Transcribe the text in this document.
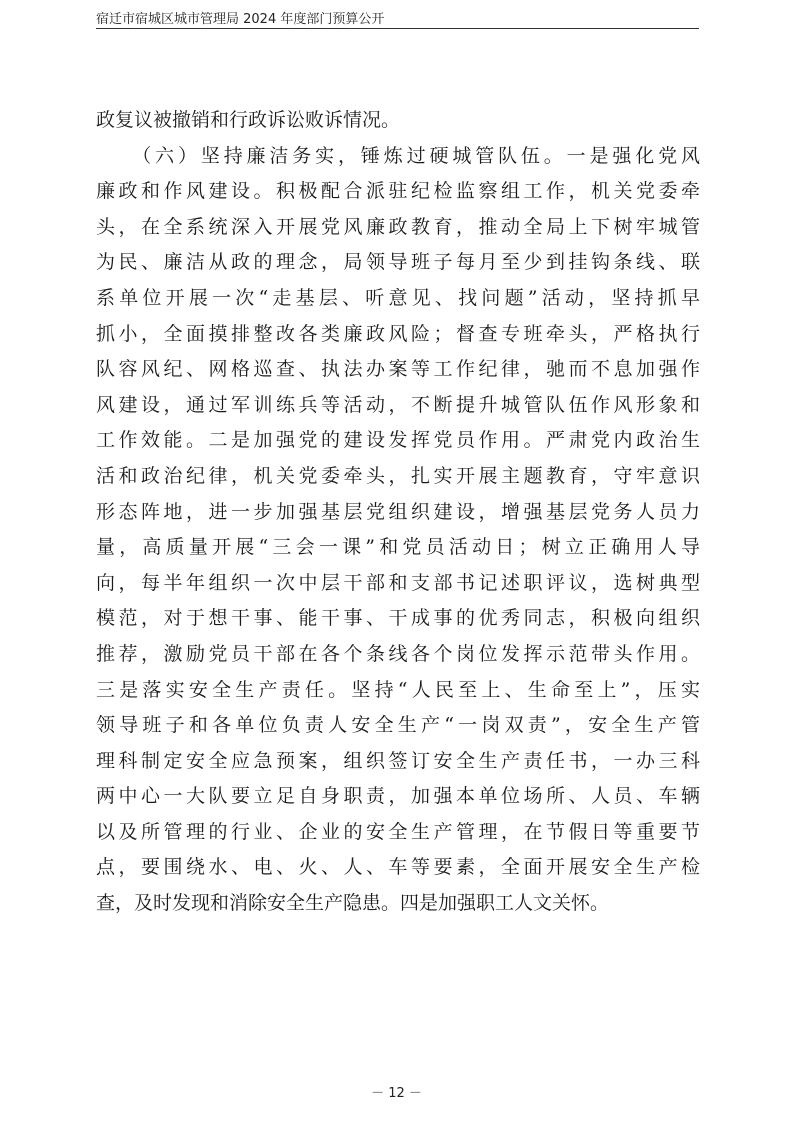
宿迁市宿城区城市管理局 2024 年度部门预算公开
政复议被撤销和行政诉讼败诉情况。
　　（六）坚持廉洁务实，锤炼过硬城管队伍。一是强化党风
廉政和作风建设。积极配合派驻纪检监察组工作，机关党委牵
头，在全系统深入开展党风廉政教育，推动全局上下树牢城管
为民、廉洁从政的理念，局领导班子每月至少到挂钩条线、联
系单位开展一次“走基层、听意见、找问题”活动，坚持抓早
抓小，全面摸排整改各类廉政风险；督查专班牵头，严格执行
队容风纪、网格巡查、执法办案等工作纪律，驰而不息加强作
风建设，通过军训练兵等活动，不断提升城管队伍作风形象和
工作效能。二是加强党的建设发挥党员作用。严肃党内政治生
活和政治纪律，机关党委牵头，扎实开展主题教育，守牢意识
形态阵地，进一步加强基层党组织建设，增强基层党务人员力
量，高质量开展“三会一课”和党员活动日；树立正确用人导
向，每半年组织一次中层干部和支部书记述职评议，选树典型
模范，对于想干事、能干事、干成事的优秀同志，积极向组织
推荐，激励党员干部在各个条线各个岗位发挥示范带头作用。
三是落实安全生产责任。坚持“人民至上、生命至上”，压实
领导班子和各单位负责人安全生产“一岗双责”，安全生产管
理科制定安全应急预案，组织签订安全生产责任书，一办三科
两中心一大队要立足自身职责，加强本单位场所、人员、车辆
以及所管理的行业、企业的安全生产管理，在节假日等重要节
点，要围绕水、电、火、人、车等要素，全面开展安全生产检
查，及时发现和消除安全生产隐患。四是加强职工人文关怀。
－ 12 －
